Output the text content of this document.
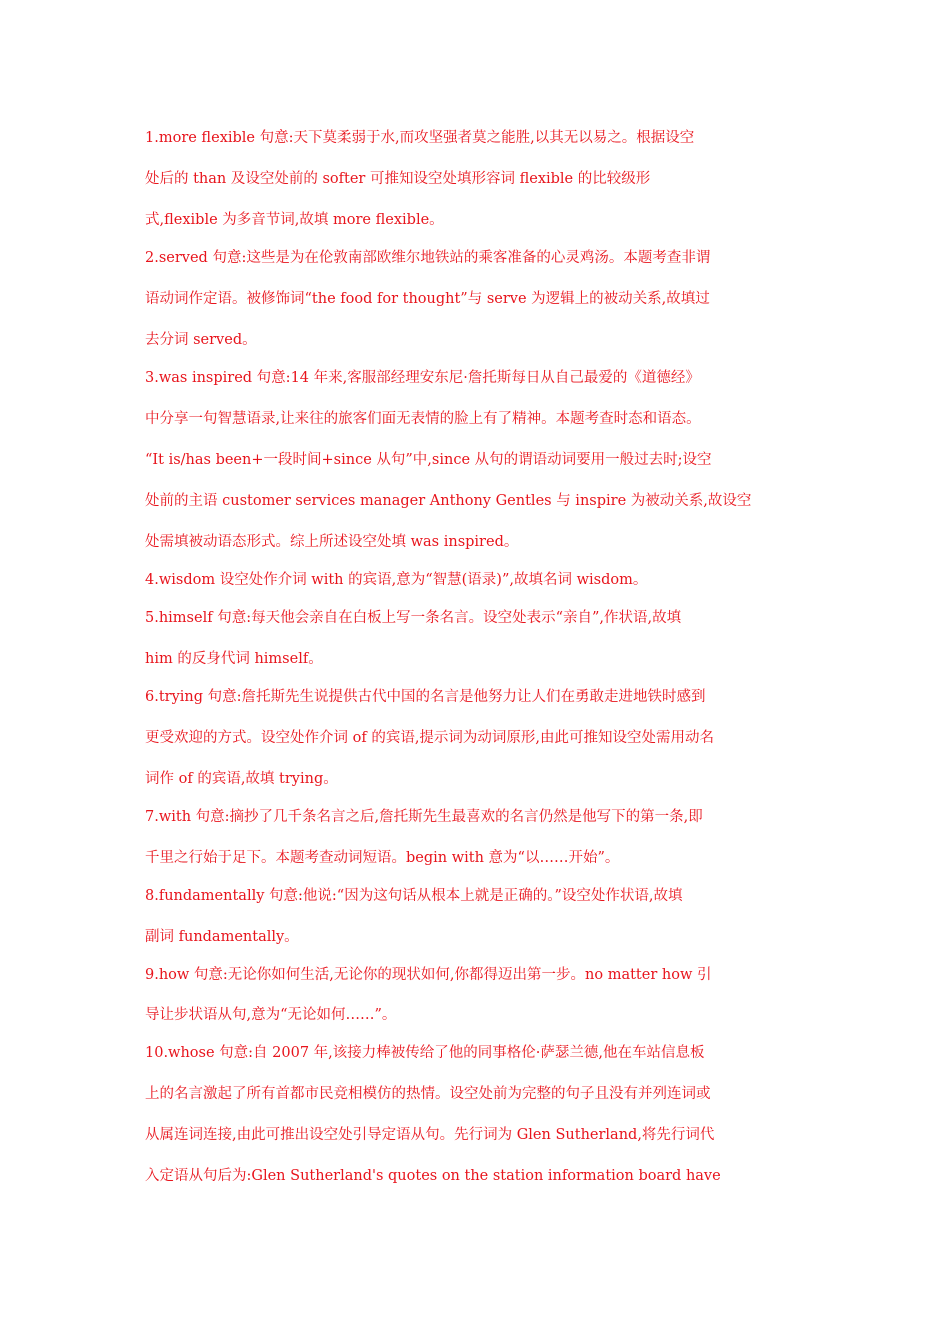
1.more flexible 句意:天下莫柔弱于水,而攻坚强者莫之能胜,以其无以易之。根据设空
处后的 than 及设空处前的 softer 可推知设空处填形容词 flexible 的比较级形
式,flexible 为多音节词,故填 more flexible。
2.served 句意:这些是为在伦敦南部欧维尔地铁站的乘客准备的心灵鸡汤。本题考查非谓
语动词作定语。被修饰词“the food for thought”与 serve 为逻辑上的被动关系,故填过
去分词 served。
3.was inspired 句意:14 年来,客服部经理安东尼·詹托斯每日从自己最爱的《道德经》
中分享一句智慧语录,让来往的旅客们面无表情的脸上有了精神。本题考查时态和语态。
“It is/has been+一段时间+since 从句”中,since 从句的谓语动词要用一般过去时;设空
处前的主语 customer services manager Anthony Gentles 与 inspire 为被动关系,故设空
处需填被动语态形式。综上所述设空处填 was inspired。
4.wisdom 设空处作介词 with 的宾语,意为“智慧(语录)”,故填名词 wisdom。
5.himself 句意:每天他会亲自在白板上写一条名言。设空处表示“亲自”,作状语,故填
him 的反身代词 himself。
6.trying 句意:詹托斯先生说提供古代中国的名言是他努力让人们在勇敢走进地铁时感到
更受欢迎的方式。设空处作介词 of 的宾语,提示词为动词原形,由此可推知设空处需用动名
词作 of 的宾语,故填 trying。
7.with 句意:摘抄了几千条名言之后,詹托斯先生最喜欢的名言仍然是他写下的第一条,即
千里之行始于足下。本题考查动词短语。begin with 意为“以……开始”。
8.fundamentally 句意:他说:“因为这句话从根本上就是正确的。”设空处作状语,故填
副词 fundamentally。
9.how 句意:无论你如何生活,无论你的现状如何,你都得迈出第一步。no matter how 引
导让步状语从句,意为“无论如何……”。
10.whose 句意:自 2007 年,该接力棒被传给了他的同事格伦·萨瑟兰德,他在车站信息板
上的名言激起了所有首都市民竞相模仿的热情。设空处前为完整的句子且没有并列连词或
从属连词连接,由此可推出设空处引导定语从句。先行词为 Glen Sutherland,将先行词代
入定语从句后为:Glen Sutherland's quotes on the station information board have
